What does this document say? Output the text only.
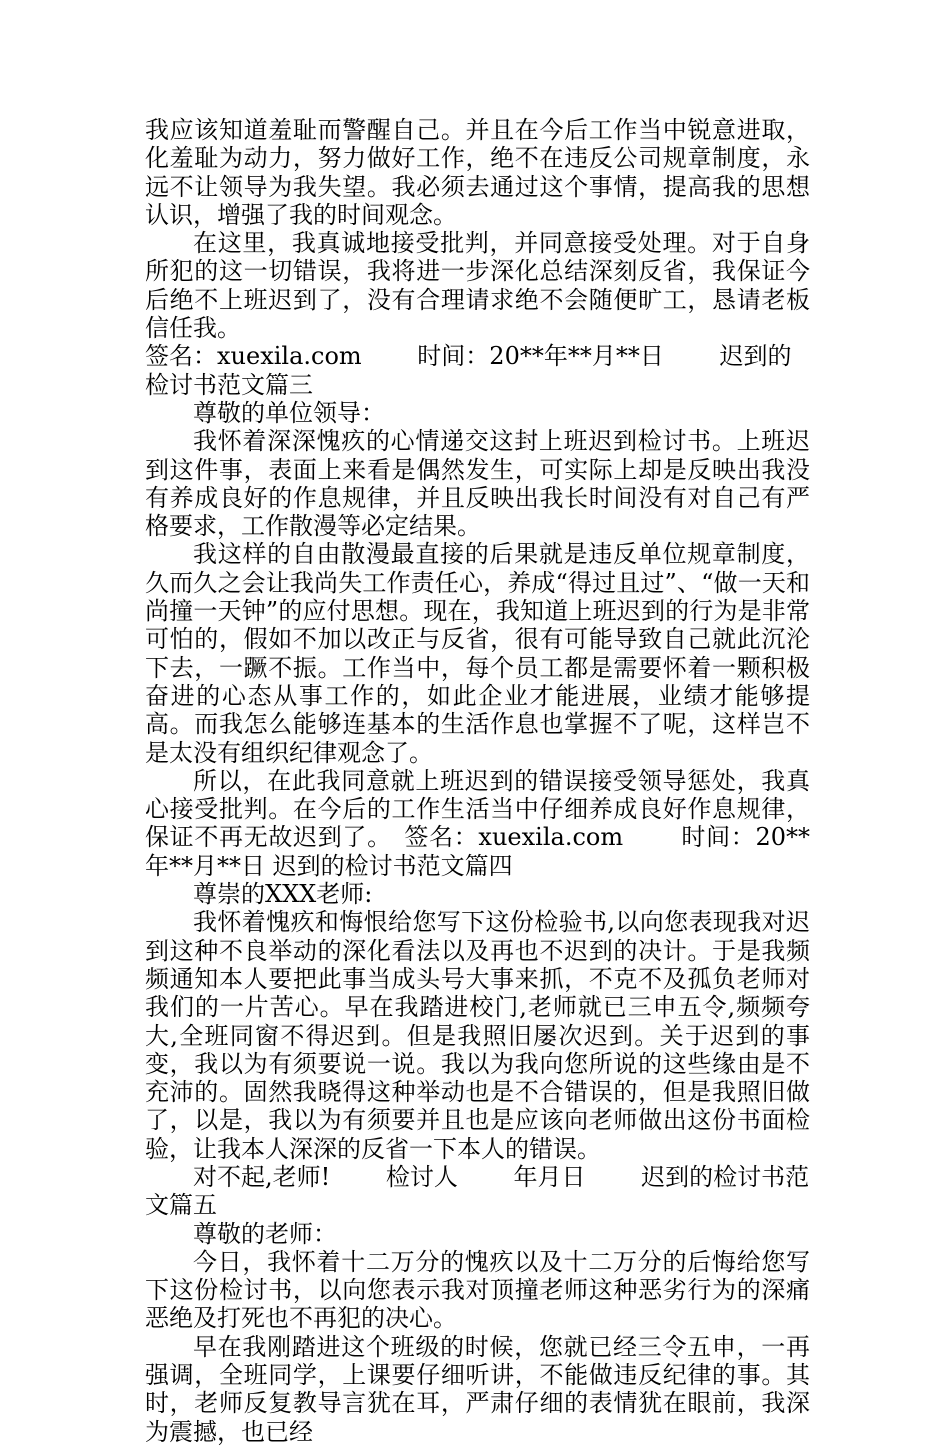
我应该知道羞耻而警醒自己。并且在今后工作当中锐意进取，化羞耻为动力，努力做好工作，绝不在违反公司规章制度，永远不让领导为我失望。我必须去通过这个事情，提高我的思想认识，增强了我的时间观念。

在这里，我真诚地接受批判，并同意接受处理。对于自身所犯的这一切错误，我将进一步深化总结深刻反省，我保证今后绝不上班迟到了，没有合理请求绝不会随便旷工，恳请老板信任我。

签名：xuexila.com　　 时间：20**年**月**日　　 迟到的检讨书范文篇三

尊敬的单位领导：

我怀着深深愧疚的心情递交这封上班迟到检讨书。上班迟到这件事，表面上来看是偶然发生，可实际上却是反映出我没有养成良好的作息规律，并且反映出我长时间没有对自己有严格要求，工作散漫等必定结果。

我这样的自由散漫最直接的后果就是违反单位规章制度，久而久之会让我尚失工作责任心，养成“得过且过”、“做一天和尚撞一天钟”的应付思想。现在，我知道上班迟到的行为是非常可怕的，假如不加以改正与反省，很有可能导致自己就此沉沦下去，一蹶不振。工作当中，每个员工都是需要怀着一颗积极奋进的心态从事工作的，如此企业才能进展，业绩才能够提高。而我怎么能够连基本的生活作息也掌握不了呢，这样岂不是太没有组织纪律观念了。

所以，在此我同意就上班迟到的错误接受领导惩处，我真心接受批判。在今后的工作生活当中仔细养成良好作息规律，保证不再无故迟到了。　签名：xuexila.com　　 时间：20**年**月**日 迟到的检讨书范文篇四

尊崇的XXX老师:

我怀着愧疚和悔恨给您写下这份检验书,以向您表现我对迟到这种不良举动的深化看法以及再也不迟到的决计。于是我频频通知本人要把此事当成头号大事来抓，不克不及孤负老师对我们的一片苦心。早在我踏进校门,老师就已三申五令,频频夸大,全班同窗不得迟到。但是我照旧屡次迟到。关于迟到的事变，我以为有须要说一说。我以为我向您所说的这些缘由是不充沛的。固然我晓得这种举动也是不合错误的，但是我照旧做了，以是，我以为有须要并且也是应该向老师做出这份书面检验，让我本人深深的反省一下本人的错误。

对不起,老师!　　 检讨人　　 年月日　　 迟到的检讨书范文篇五

尊敬的老师：

今日，我怀着十二万分的愧疚以及十二万分的后悔给您写下这份检讨书，以向您表示我对顶撞老师这种恶劣行为的深痛恶绝及打死也不再犯的决心。

早在我刚踏进这个班级的时候，您就已经三令五申，一再强调，全班同学，上课要仔细听讲，不能做违反纪律的事。其时，老师反复教导言犹在耳，严肃仔细的表情犹在眼前，我深为震撼，也已经
